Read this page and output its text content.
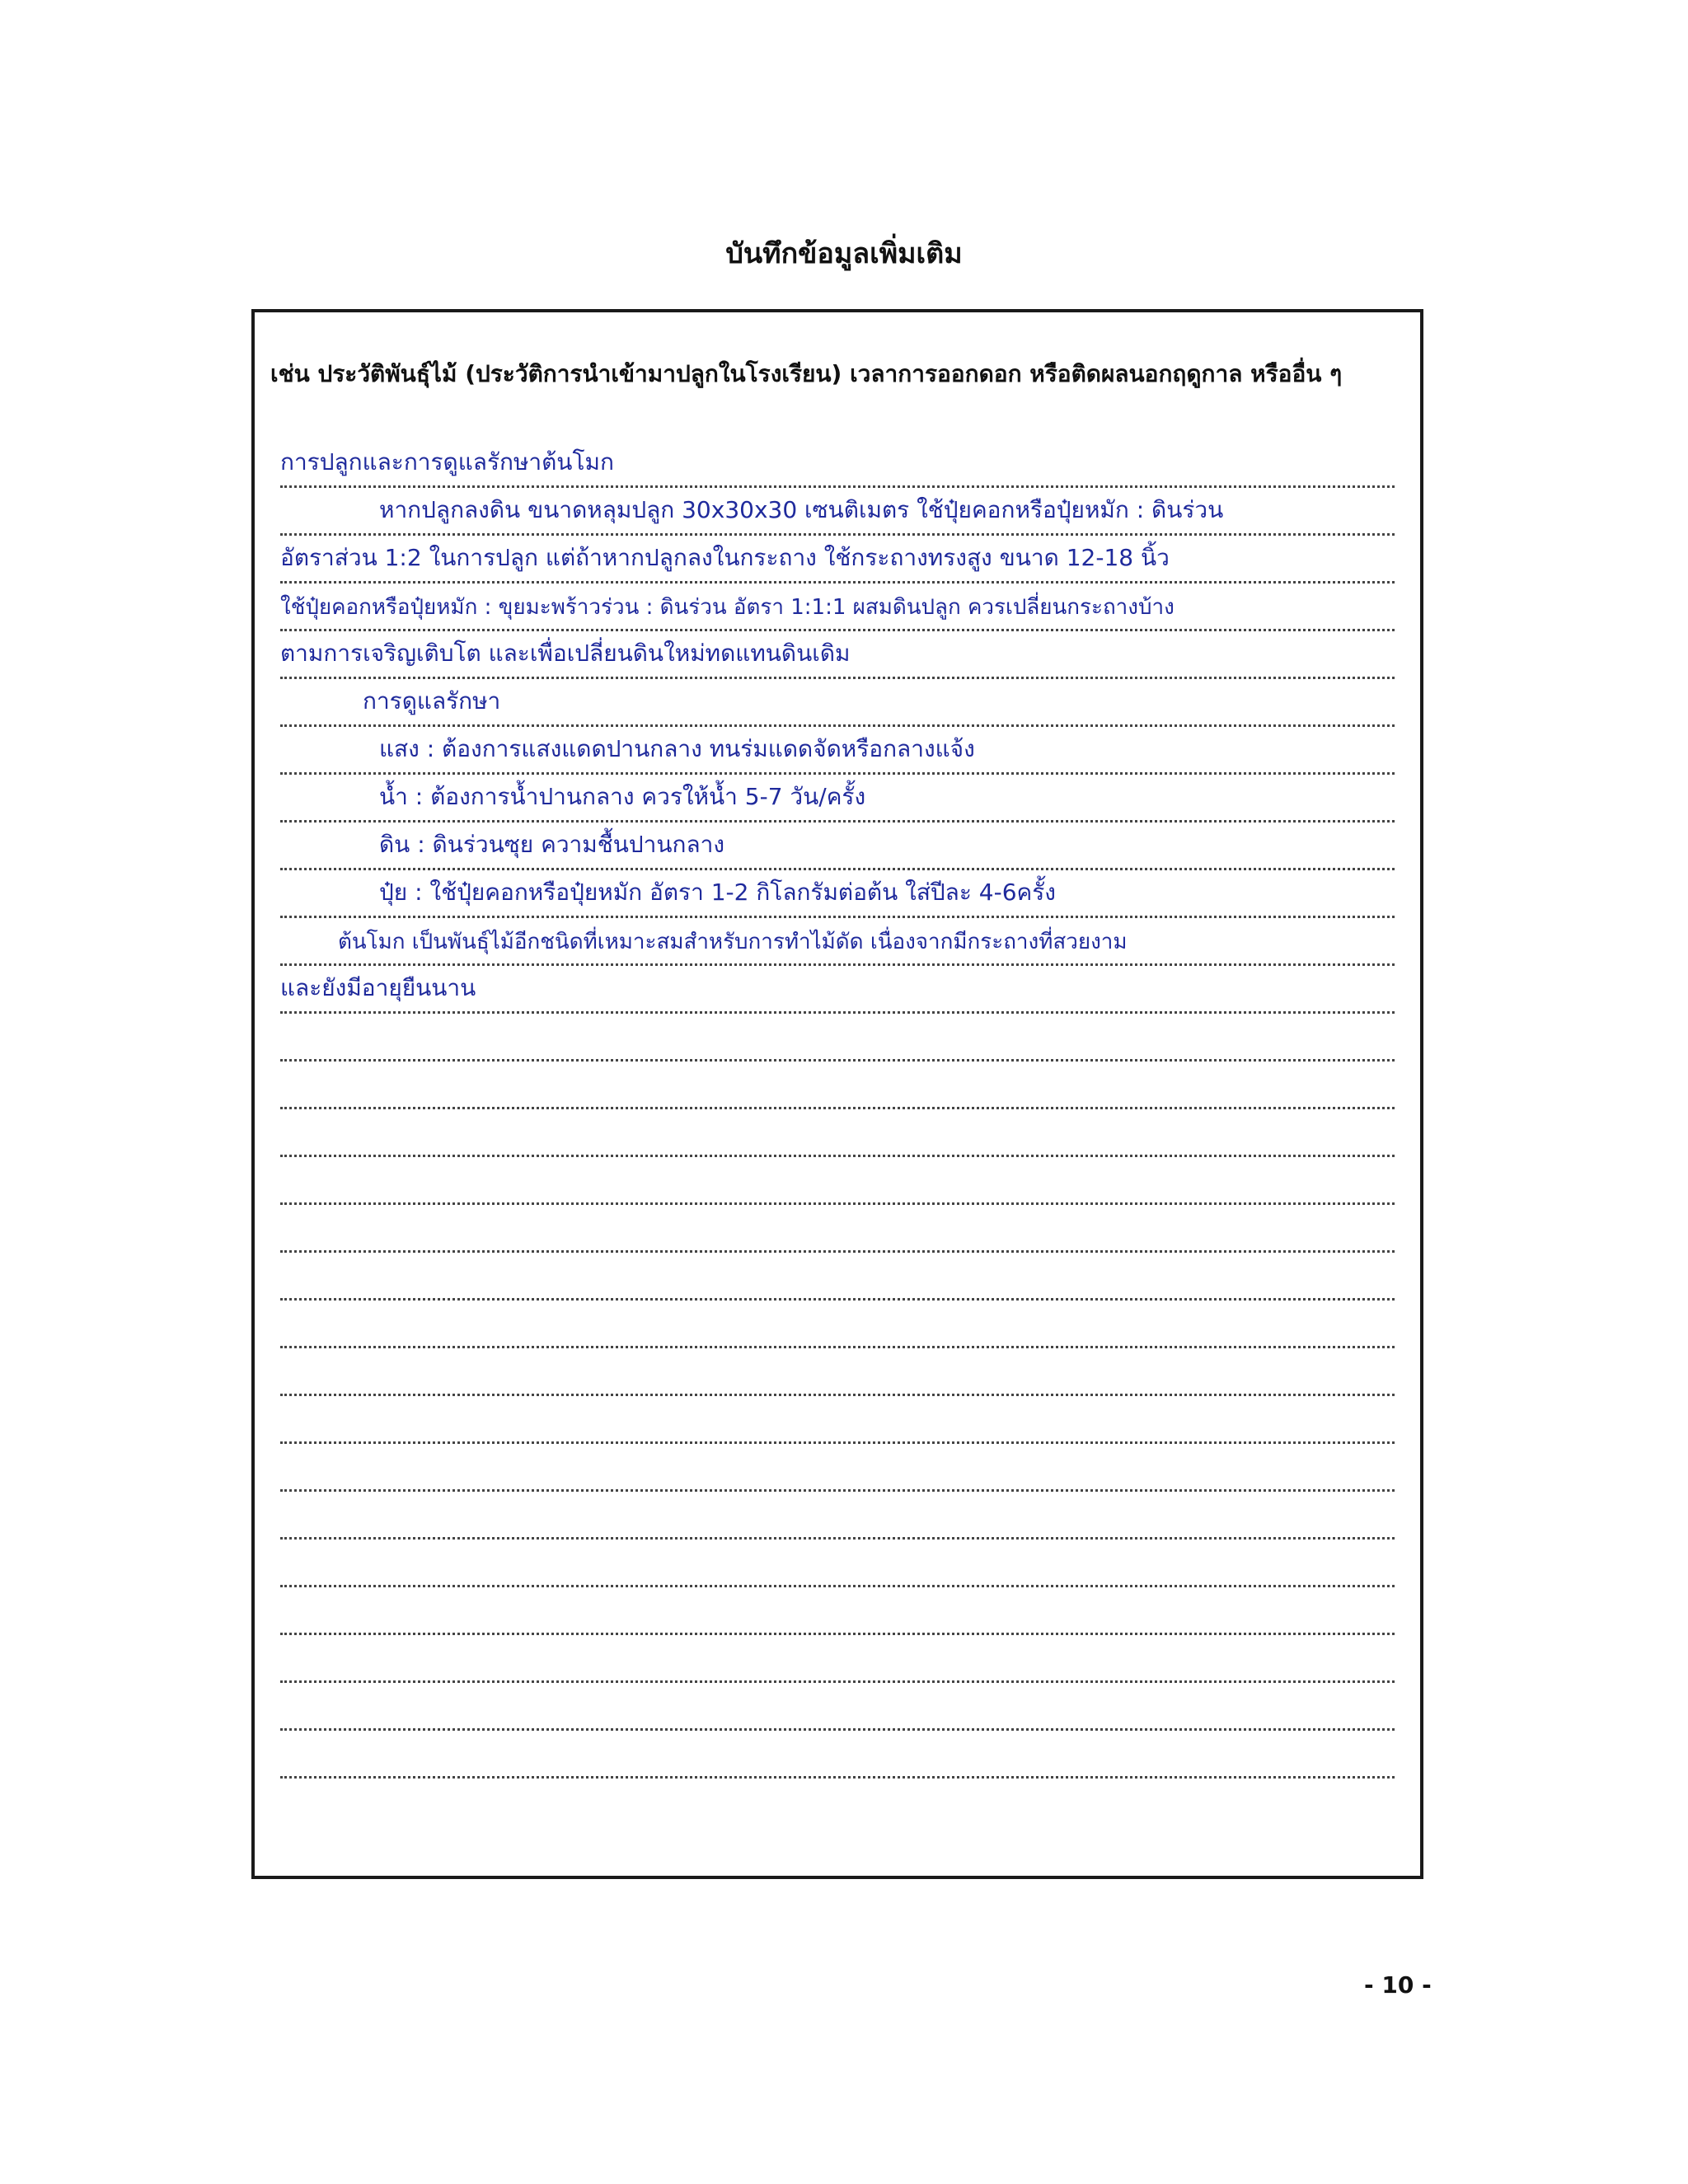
บันทึกข้อมูลเพิ่มเติม
เช่น ประวัติพันธุ์ไม้ (ประวัติการนำเข้ามาปลูกในโรงเรียน) เวลาการออกดอก หรือติดผลนอกฤดูกาล หรืออื่น ๆ
การปลูกและการดูแลรักษาต้นโมก
หากปลูกลงดิน ขนาดหลุมปลูก 30x30x30 เซนติเมตร ใช้ปุ๋ยคอกหรือปุ๋ยหมัก : ดินร่วน
อัตราส่วน 1:2 ในการปลูก แต่ถ้าหากปลูกลงในกระถาง ใช้กระถางทรงสูง ขนาด 12-18 นิ้ว
ใช้ปุ๋ยคอกหรือปุ๋ยหมัก : ขุยมะพร้าวร่วน : ดินร่วน อัตรา 1:1:1 ผสมดินปลูก ควรเปลี่ยนกระถางบ้าง
ตามการเจริญเติบโต และเพื่อเปลี่ยนดินใหม่ทดแทนดินเดิม
การดูแลรักษา
แสง : ต้องการแสงแดดปานกลาง ทนร่มแดดจัดหรือกลางแจ้ง
น้ำ : ต้องการน้ำปานกลาง ควรให้น้ำ 5-7 วัน/ครั้ง
ดิน : ดินร่วนซุย ความชื้นปานกลาง
ปุ๋ย : ใช้ปุ๋ยคอกหรือปุ๋ยหมัก อัตรา 1-2 กิโลกรัมต่อต้น ใส่ปีละ 4-6ครั้ง
ต้นโมก เป็นพันธุ์ไม้อีกชนิดที่เหมาะสมสำหรับการทำไม้ดัด เนื่องจากมีกระถางที่สวยงาม
และยังมีอายุยืนนาน
- 10 -
